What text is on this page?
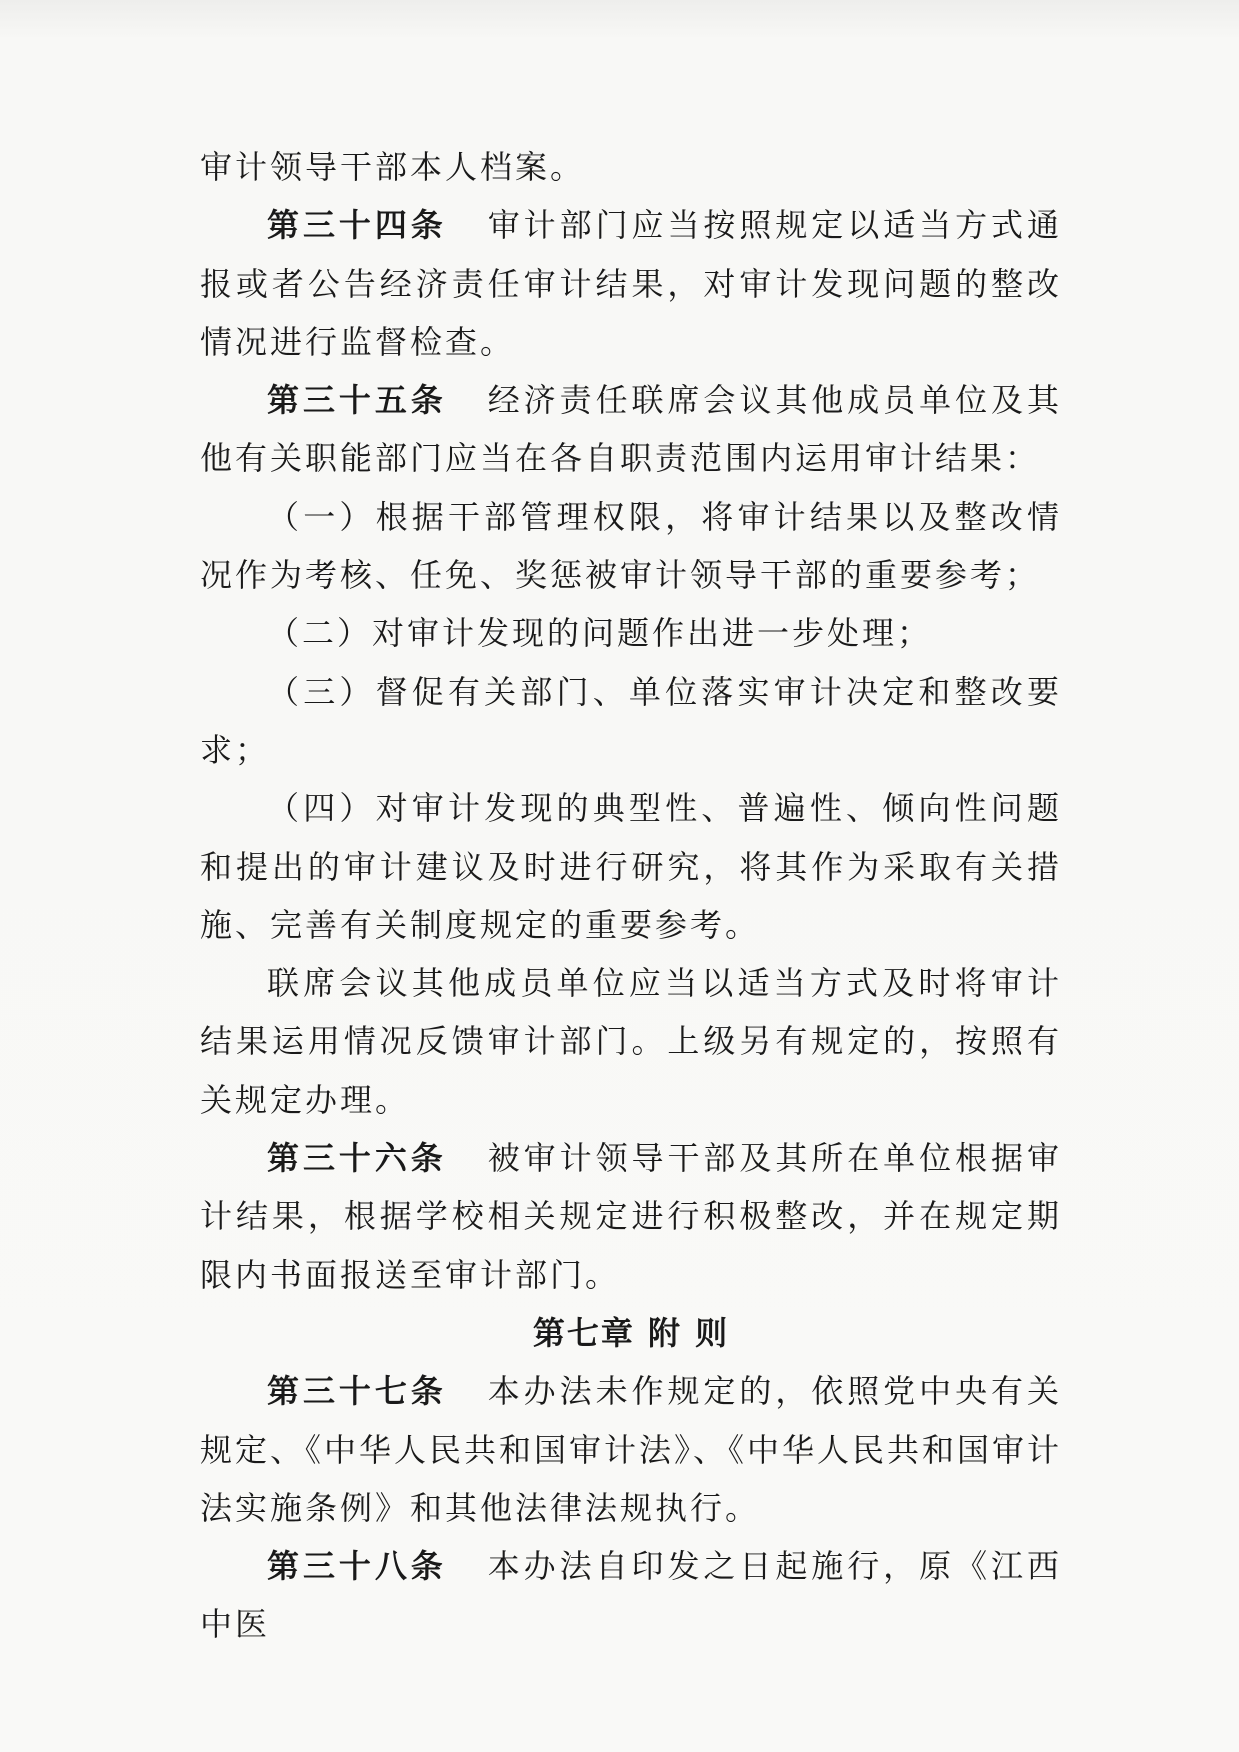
审计领导干部本人档案。

第三十四条 审计部门应当按照规定以适当方式通报或者公告经济责任审计结果，对审计发现问题的整改情况进行监督检查。

第三十五条 经济责任联席会议其他成员单位及其他有关职能部门应当在各自职责范围内运用审计结果：

（一）根据干部管理权限，将审计结果以及整改情况作为考核、任免、奖惩被审计领导干部的重要参考；

（二）对审计发现的问题作出进一步处理；

（三）督促有关部门、单位落实审计决定和整改要求；

（四）对审计发现的典型性、普遍性、倾向性问题和提出的审计建议及时进行研究，将其作为采取有关措施、完善有关制度规定的重要参考。

联席会议其他成员单位应当以适当方式及时将审计结果运用情况反馈审计部门。上级另有规定的，按照有关规定办理。

第三十六条 被审计领导干部及其所在单位根据审计结果，根据学校相关规定进行积极整改，并在规定期限内书面报送至审计部门。

第七章 附 则

第三十七条 本办法未作规定的，依照党中央有关规定、《中华人民共和国审计法》、《中华人民共和国审计法实施条例》和其他法律法规执行。

第三十八条 本办法自印发之日起施行，原《江西中医
